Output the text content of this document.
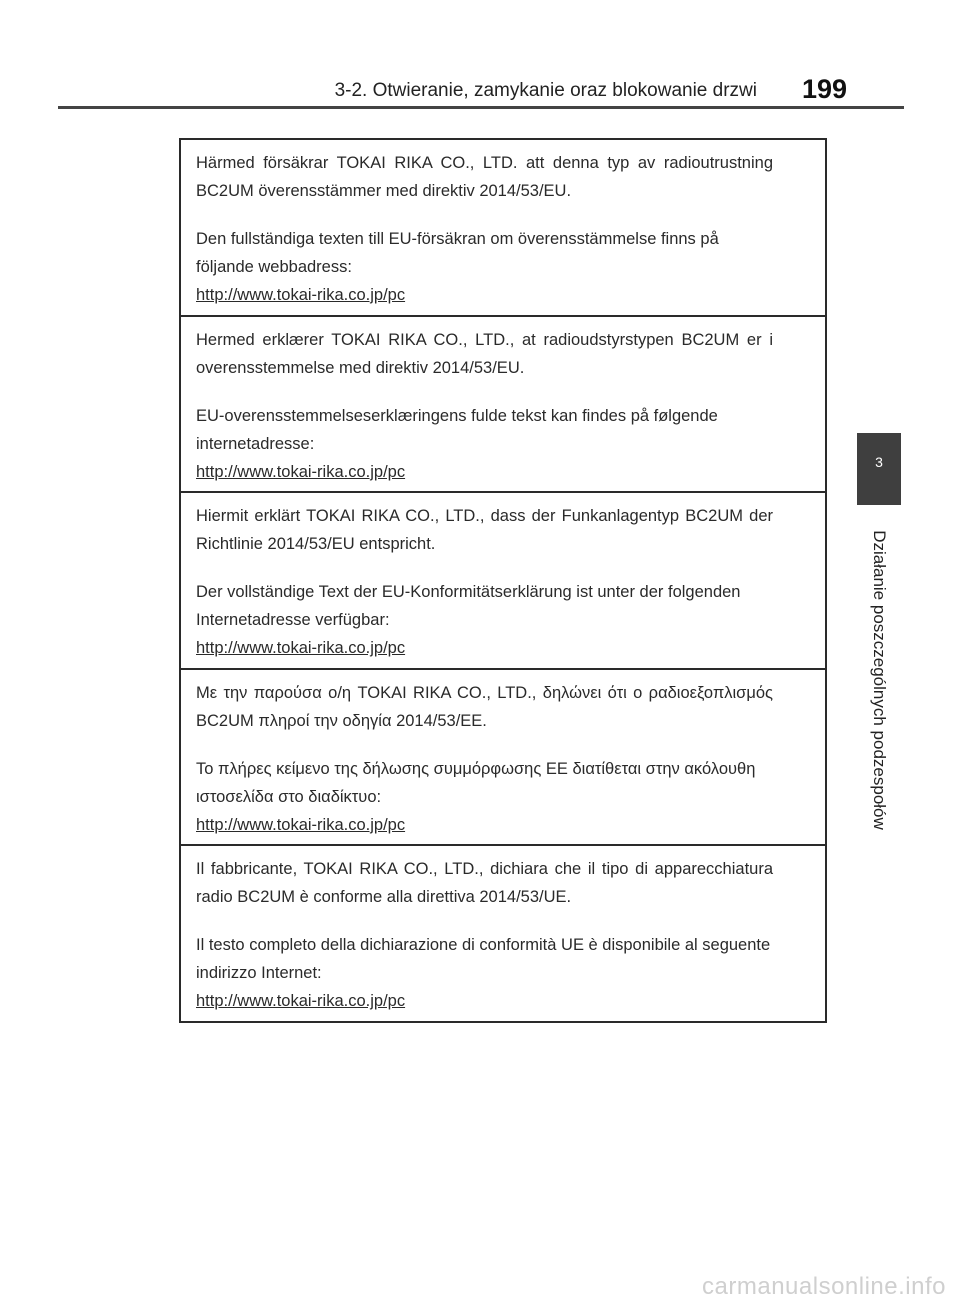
3-2. Otwieranie, zamykanie oraz blokowanie drzwi 199
3
Działanie poszczególnych podzespołów

Härmed försäkrar TOKAI RIKA CO., LTD. att denna typ av radioutrustning BC2UM överensstämmer med direktiv 2014/53/EU.

Den fullständiga texten till EU-försäkran om överensstämmelse finns på följande webbadress:

http://www.tokai-rika.co.jp/pc

Hermed erklærer TOKAI RIKA CO., LTD., at radioudstyrstypen BC2UM er i overensstemmelse med direktiv 2014/53/EU.

EU-overensstemmelseserklæringens fulde tekst kan findes på følgende internetadresse:

http://www.tokai-rika.co.jp/pc

Hiermit erklärt TOKAI RIKA CO., LTD., dass der Funkanlagentyp BC2UM der Richtlinie 2014/53/EU entspricht.

Der vollständige Text der EU-Konformitätserklärung ist unter der folgenden Internetadresse verfügbar:

http://www.tokai-rika.co.jp/pc

Με την παρούσα ο/η TOKAI RIKA CO., LTD., δηλώνει ότι ο ραδιοεξοπλισμός BC2UM πληροί την οδηγία 2014/53/ΕΕ.

Το πλήρες κείμενο της δήλωσης συμμόρφωσης ΕΕ διατίθεται στην ακόλουθη ιστοσελίδα στο διαδίκτυο:

http://www.tokai-rika.co.jp/pc

Il fabbricante, TOKAI RIKA CO., LTD., dichiara che il tipo di apparecchiatura radio BC2UM è conforme alla direttiva 2014/53/UE.

Il testo completo della dichiarazione di conformità UE è disponibile al seguente indirizzo Internet:

http://www.tokai-rika.co.jp/pc
carmanualsonline.info
